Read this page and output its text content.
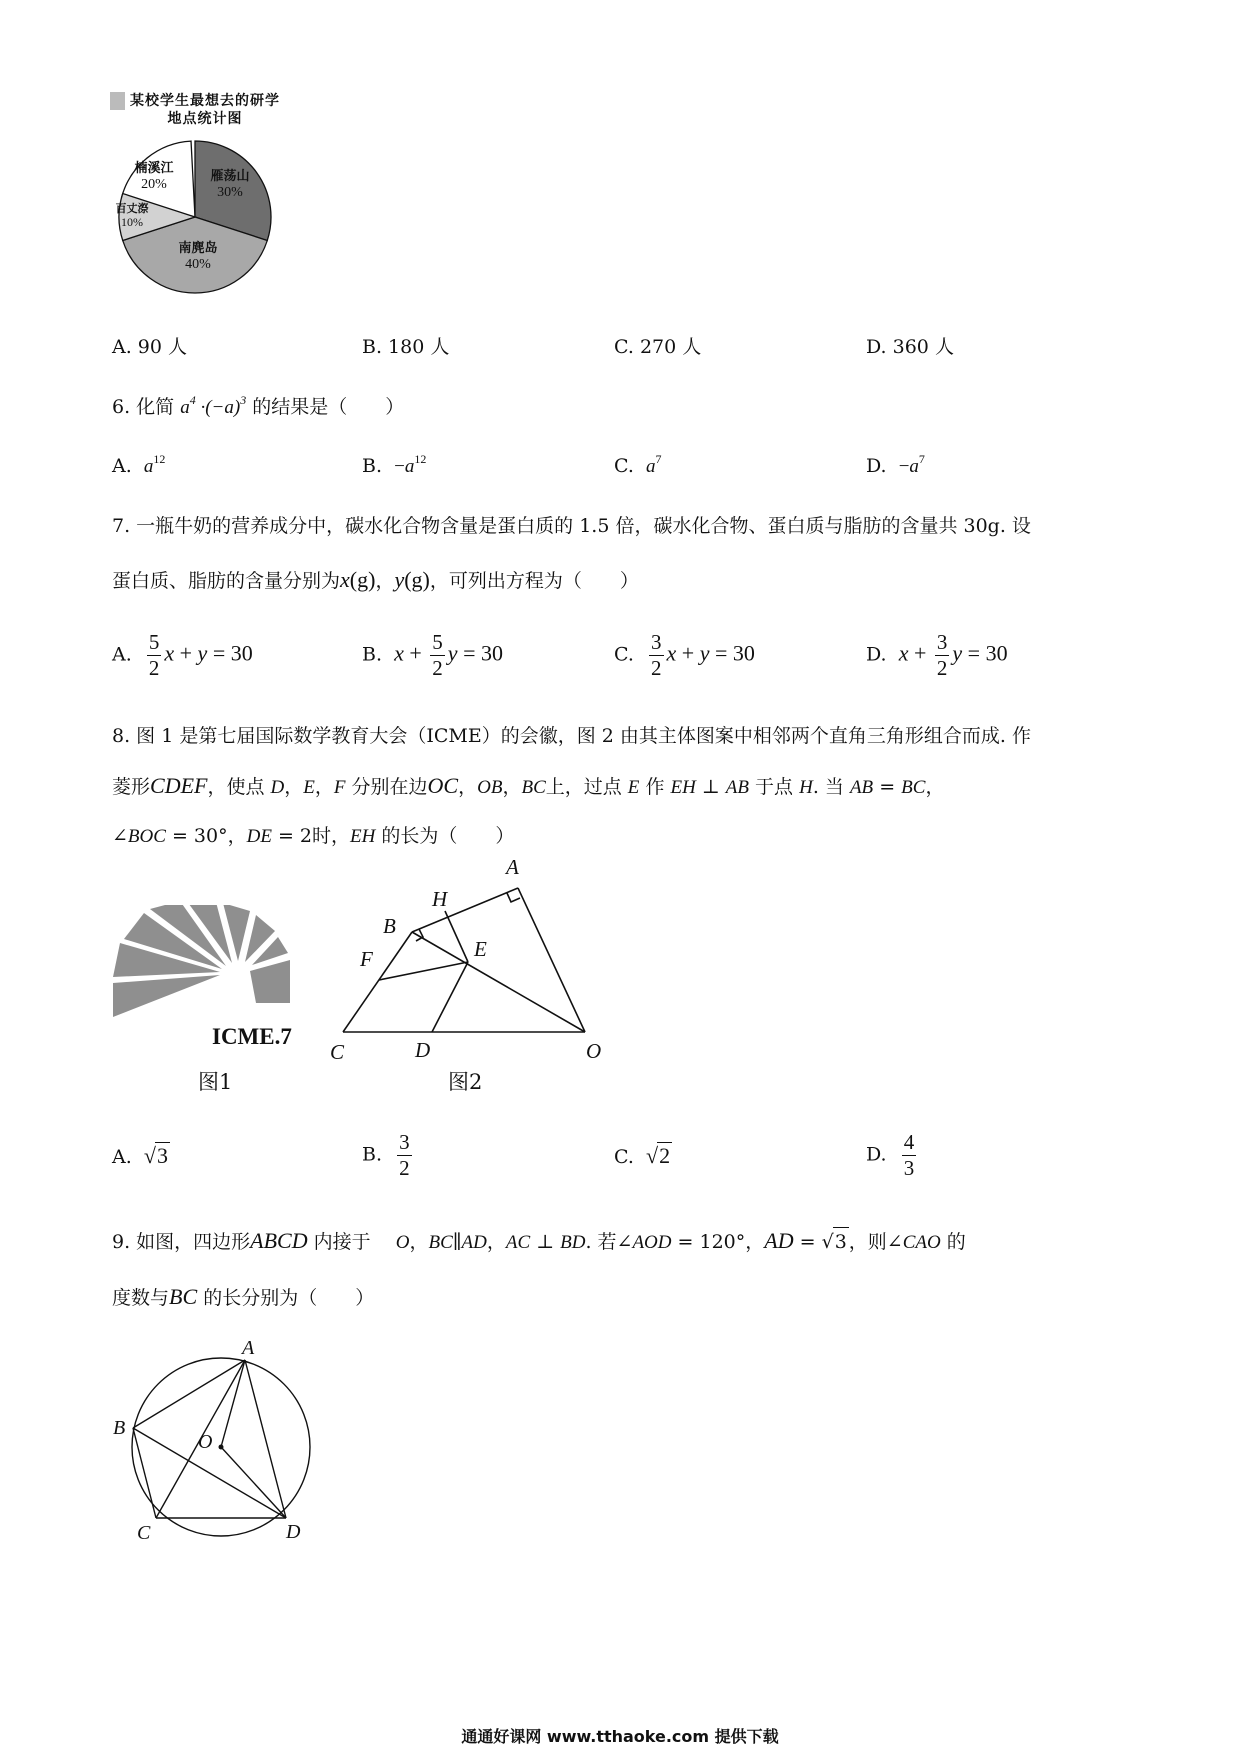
某校学生最想去的研学
地点统计图
楠溪江
20%
雁荡山
30%
南麂岛
40%
百丈漈
10%
A. 90 人	B. 180 人	C. 270 人	D. 360 人
6. 化简 $a^4 \cdot(-a)^3$ 的结果是（　　）
A. $a^{12}$	B. $-a^{12}$	C. $a^7$	D. $-a^7$
7. 一瓶牛奶的营养成分中，碳水化合物含量是蛋白质的 1.5 倍，碳水化合物、蛋白质与脂肪的含量共 30g. 设
蛋白质、脂肪的含量分别为x(g)，y(g)，可列出方程为（　　）
A. $\frac{5}{2}$ x + y = 30	B. $x + \frac{5}{2}$ y = 30	C. $\frac{3}{2}$ x + y = 30	D. $x + \frac{3}{2}$ y = 30
8. 图 1 是第七届国际数学教育大会（ICME）的会徽，图 2 由其主体图案中相邻两个直角三角形组合而成. 作
菱形CDEF，使点 D，E，F 分别在边OC，OB，BC上，过点 E 作 EH ⊥ AB 于点 H. 当 AB = BC，
∠BOC = 30°，DE = 2时，EH 的长为（　　）
ICME.7
图1
A
H
B
E
F
C	D	O
图2
A. √3	B. $\frac{3}{2}$	C. √2	D. $\frac{4}{3}$
9. 如图，四边形ABCD 内接于 　O，BC∥AD，AC ⊥ BD. 若∠AOD = 120°，AD = √3 ，则∠CAO 的
度数与BC 的长分别为（　　）
A
B
O
C	D
通通好课网 www.tthaoke.com 提供下载
